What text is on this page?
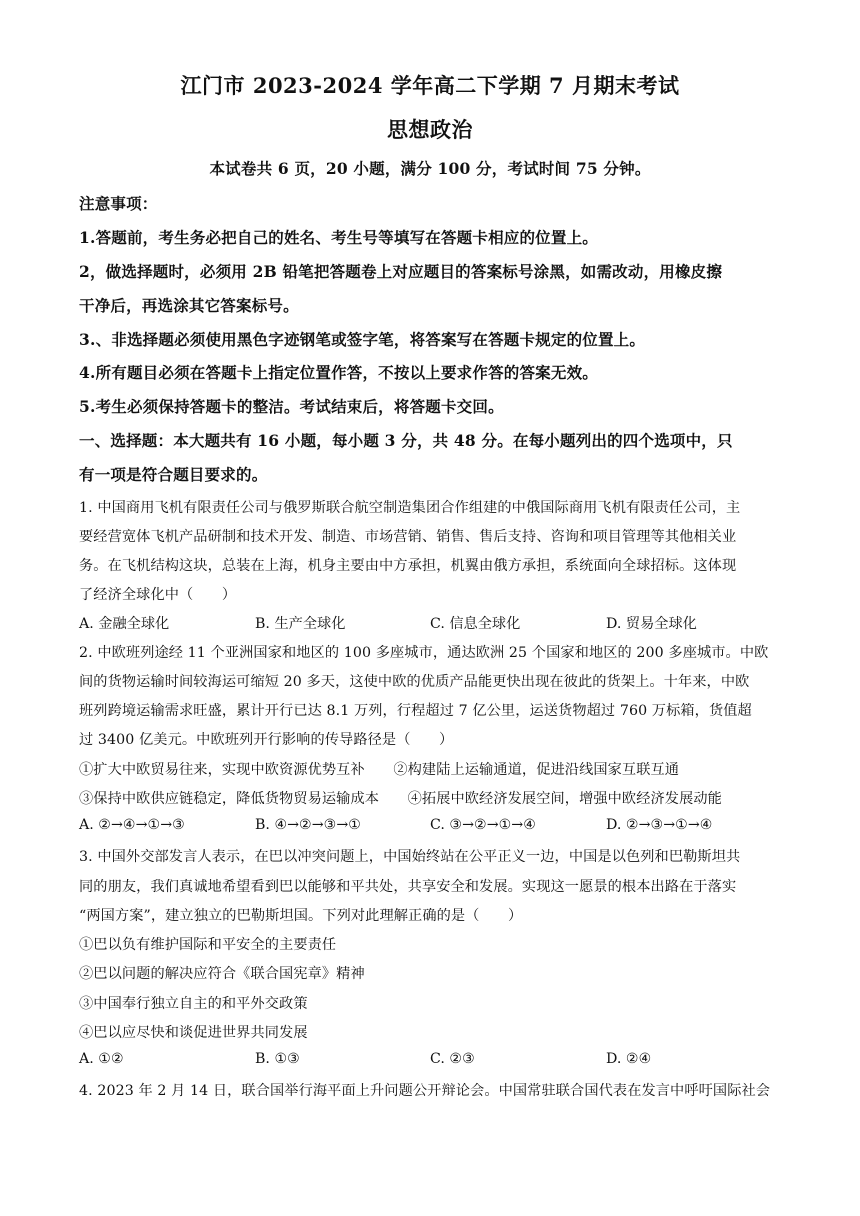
江门市 2023-2024 学年高二下学期 7 月期末考试
思想政治
本试卷共 6 页，20 小题，满分 100 分，考试时间 75 分钟。
注意事项：
1.答题前，考生务必把自己的姓名、考生号等填写在答题卡相应的位置上。
2，做选择题时，必须用 2B 铅笔把答题卷上对应题目的答案标号涂黑，如需改动，用橡皮擦
干净后，再选涂其它答案标号。
3.、非选择题必须使用黑色字迹钢笔或签字笔，将答案写在答题卡规定的位置上。
4.所有题目必须在答题卡上指定位置作答，不按以上要求作答的答案无效。
5.考生必须保持答题卡的整洁。考试结束后，将答题卡交回。
一、选择题：本大题共有 16 小题，每小题 3 分，共 48 分。在每小题列出的四个选项中，只
有一项是符合题目要求的。
1. 中国商用飞机有限责任公司与俄罗斯联合航空制造集团合作组建的中俄国际商用飞机有限责任公司，主
要经营宽体飞机产品研制和技术开发、制造、市场营销、销售、售后支持、咨询和项目管理等其他相关业
务。在飞机结构这块，总装在上海，机身主要由中方承担，机翼由俄方承担，系统面向全球招标。这体现
了经济全球化中（　　）
A. 金融全球化	B. 生产全球化	C. 信息全球化	D. 贸易全球化
2. 中欧班列途经 11 个亚洲国家和地区的 100 多座城市，通达欧洲 25 个国家和地区的 200 多座城市。中欧
间的货物运输时间较海运可缩短 20 多天，这使中欧的优质产品能更快出现在彼此的货架上。十年来，中欧
班列跨境运输需求旺盛，累计开行已达 8.1 万列，行程超过 7 亿公里，运送货物超过 760 万标箱，货值超
过 3400 亿美元。中欧班列开行影响的传导路径是（　　）
①扩大中欧贸易往来，实现中欧资源优势互补　　②构建陆上运输通道，促进沿线国家互联互通
③保持中欧供应链稳定，降低货物贸易运输成本　　④拓展中欧经济发展空间，增强中欧经济发展动能
A. ②→④→①→③	B. ④→②→③→①	C. ③→②→①→④	D. ②→③→①→④
3. 中国外交部发言人表示，在巴以冲突问题上，中国始终站在公平正义一边，中国是以色列和巴勒斯坦共
同的朋友，我们真诚地希望看到巴以能够和平共处，共享安全和发展。实现这一愿景的根本出路在于落实
“两国方案”，建立独立的巴勒斯坦国。下列对此理解正确的是（　　）
①巴以负有维护国际和平安全的主要责任
②巴以问题的解决应符合《联合国宪章》精神
③中国奉行独立自主的和平外交政策
④巴以应尽快和谈促进世界共同发展
A. ①②	B. ①③	C. ②③	D. ②④
4. 2023 年 2 月 14 日，联合国举行海平面上升问题公开辩论会。中国常驻联合国代表在发言中呼吁国际社会
